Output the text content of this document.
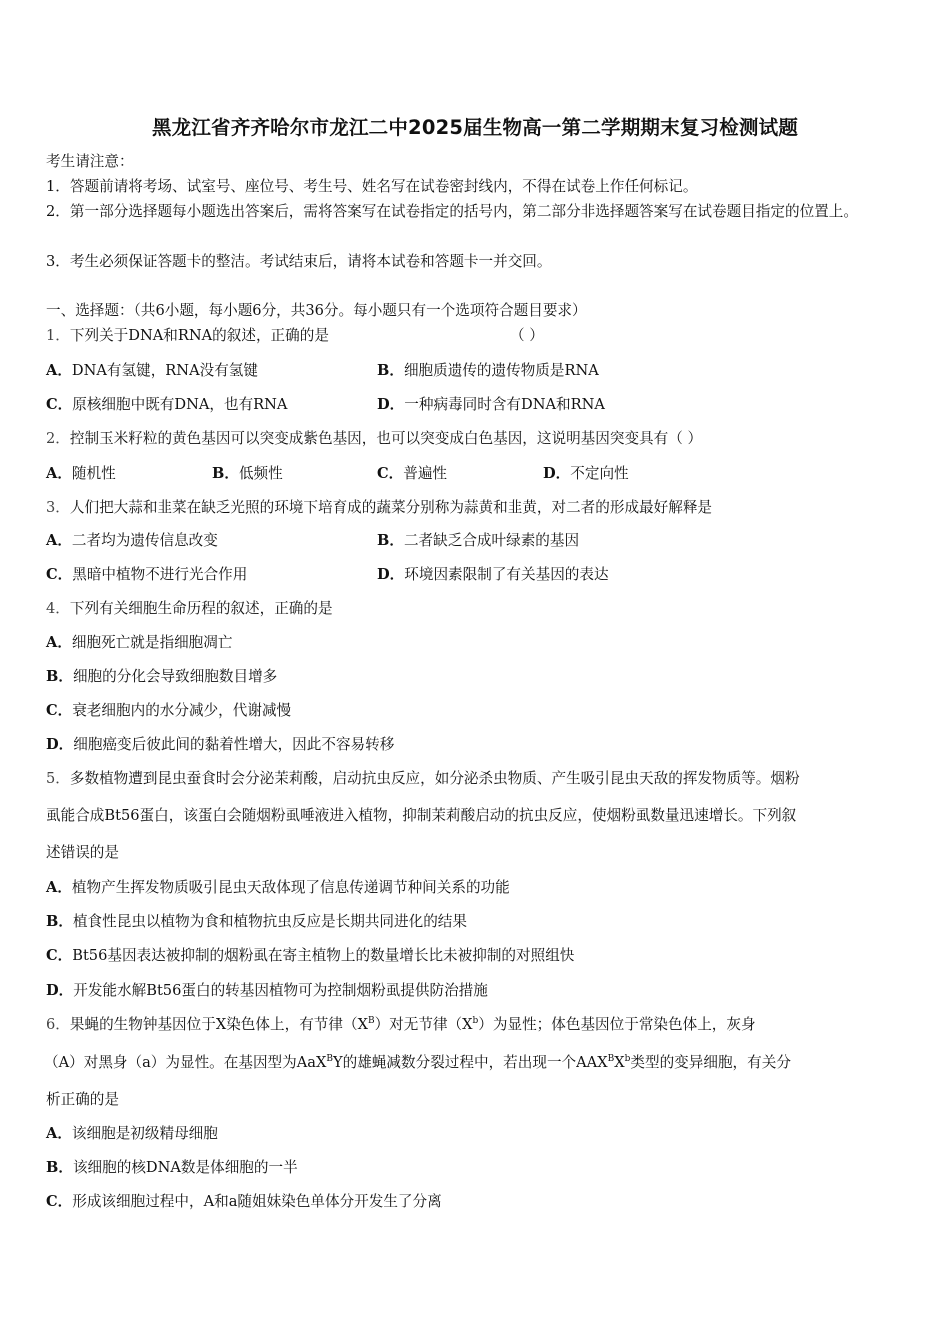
黑龙江省齐齐哈尔市龙江二中2025届生物高一第二学期期末复习检测试题
考生请注意：
1．答题前请将考场、试室号、座位号、考生号、姓名写在试卷密封线内，不得在试卷上作任何标记。
2．第一部分选择题每小题选出答案后，需将答案写在试卷指定的括号内，第二部分非选择题答案写在试卷题目指定的位置上。
3．考生必须保证答题卡的整洁。考试结束后，请将本试卷和答题卡一并交回。
一、选择题：（共6小题，每小题6分，共36分。每小题只有一个选项符合题目要求）
1．下列关于DNA和RNA的叙述，正确的是	（ ）
A．DNA有氢键，RNA没有氢键	B．细胞质遗传的遗传物质是RNA
C．原核细胞中既有DNA，也有RNA	D．一种病毒同时含有DNA和RNA
2．控制玉米籽粒的黄色基因可以突变成紫色基因，也可以突变成白色基因，这说明基因突变具有（ ）
A．随机性	B．低频性	C．普遍性	D．不定向性
3．人们把大蒜和韭菜在缺乏光照的环境下培育成的蔬菜分别称为蒜黄和韭黄，对二者的形成最好解释是
A．二者均为遗传信息改变	B．二者缺乏合成叶绿素的基因
C．黑暗中植物不进行光合作用	D．环境因素限制了有关基因的表达
4．下列有关细胞生命历程的叙述，正确的是
A．细胞死亡就是指细胞凋亡
B．细胞的分化会导致细胞数目增多
C．衰老细胞内的水分减少，代谢减慢
D．细胞癌变后彼此间的黏着性增大，因此不容易转移
5．多数植物遭到昆虫蚕食时会分泌茉莉酸，启动抗虫反应，如分泌杀虫物质、产生吸引昆虫天敌的挥发物质等。烟粉
虱能合成Bt56蛋白，该蛋白会随烟粉虱唾液进入植物，抑制茉莉酸启动的抗虫反应，使烟粉虱数量迅速增长。下列叙
述错误的是
A．植物产生挥发物质吸引昆虫天敌体现了信息传递调节种间关系的功能
B．植食性昆虫以植物为食和植物抗虫反应是长期共同进化的结果
C．Bt56基因表达被抑制的烟粉虱在寄主植物上的数量增长比未被抑制的对照组快
D．开发能水解Bt56蛋白的转基因植物可为控制烟粉虱提供防治措施
6．果蝇的生物钟基因位于X染色体上，有节律$(X^B)$对无节律$(X^b)$为显性；体色基因位于常染色体上，灰身
（A）对黑身（a）为显性。在基因型为AaX$^B$Y的雄蝇减数分裂过程中，若出现一个$AAX^BX^b$类型的变异细胞，有关分
析正确的是
A．该细胞是初级精母细胞
B．该细胞的核DNA数是体细胞的一半
C．形成该细胞过程中，A和a随姐妹染色单体分开发生了分离
